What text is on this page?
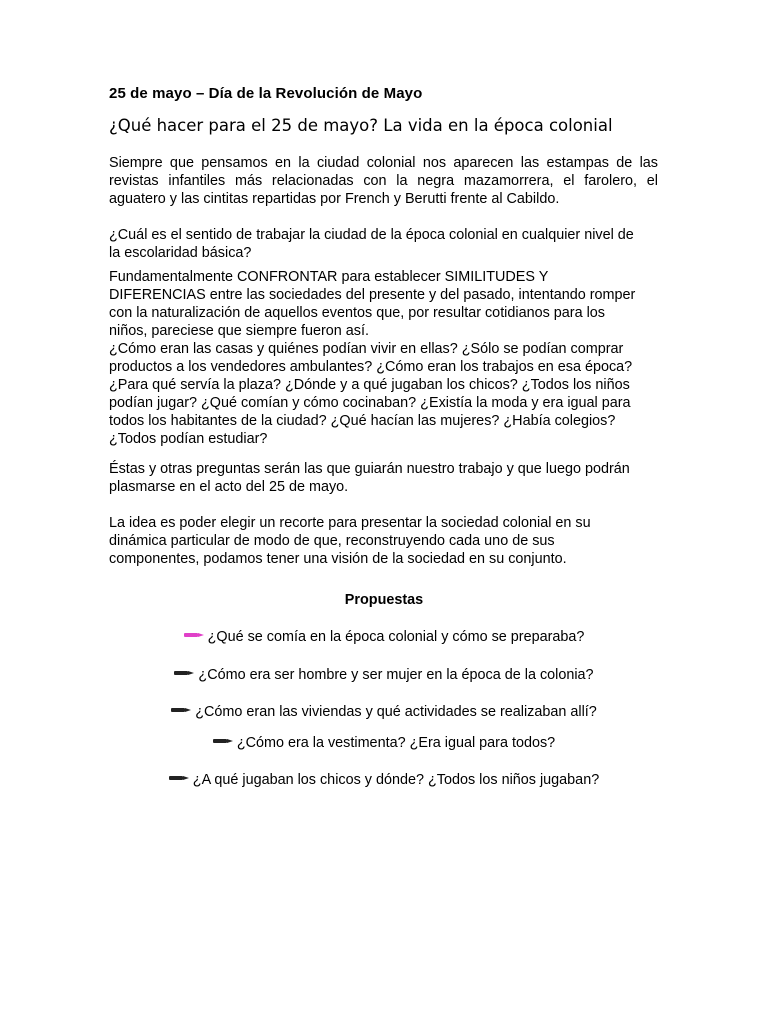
25 de mayo – Día de la Revolución de Mayo
¿Qué hacer para el 25 de mayo? La vida en la época colonial

Siempre que pensamos en la ciudad colonial nos aparecen las estampas de las
revistas infantiles más relacionadas con la negra mazamorrera, el farolero, el
aguatero y las cintitas repartidas por French y Berutti frente al Cabildo.

¿Cuál es el sentido de trabajar la ciudad de la época colonial en cualquier nivel de
la escolaridad básica?

Fundamentalmente CONFRONTAR para establecer SIMILITUDES Y
DIFERENCIAS entre las sociedades del presente y del pasado, intentando romper
con la naturalización de aquellos eventos que, por resultar cotidianos para los
niños, pareciese que siempre fueron así.
¿Cómo eran las casas y quiénes podían vivir en ellas? ¿Sólo se podían comprar
productos a los vendedores ambulantes? ¿Cómo eran los trabajos en esa época?
¿Para qué servía la plaza? ¿Dónde y a qué jugaban los chicos? ¿Todos los niños
podían jugar? ¿Qué comían y cómo cocinaban? ¿Existía la moda y era igual para
todos los habitantes de la ciudad? ¿Qué hacían las mujeres? ¿Había colegios?
¿Todos podían estudiar?

Éstas y otras preguntas serán las que guiarán nuestro trabajo y que luego podrán
plasmarse en el acto del 25 de mayo.

La idea es poder elegir un recorte para presentar la sociedad colonial en su
dinámica particular de modo de que, reconstruyendo cada uno de sus
componentes, podamos tener una visión de la sociedad en su conjunto.

Propuestas
¿Qué se comía en la época colonial y cómo se preparaba?
¿Cómo era ser hombre y ser mujer en la época de la colonia?
¿Cómo eran las viviendas y qué actividades se realizaban allí?
¿Cómo era la vestimenta? ¿Era igual para todos?
¿A qué jugaban los chicos y dónde? ¿Todos los niños jugaban?
